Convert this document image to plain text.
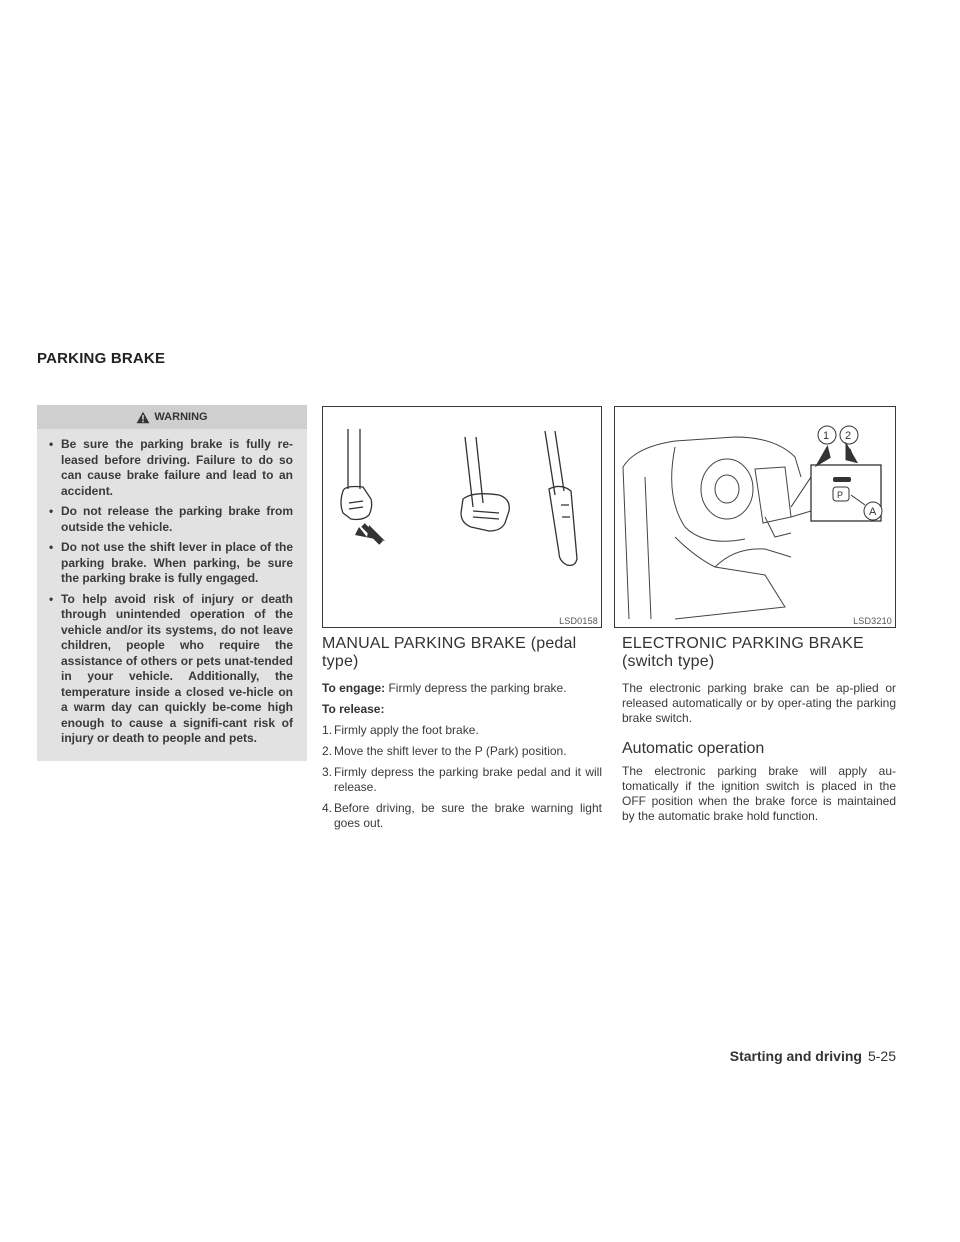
PARKING BRAKE
WARNING
• Be sure the parking brake is fully re-leased before driving. Failure to do so can cause brake failure and lead to an accident.
• Do not release the parking brake from outside the vehicle.
• Do not use the shift lever in place of the parking brake. When parking, be sure the parking brake is fully engaged.
• To help avoid risk of injury or death through unintended operation of the vehicle and/or its systems, do not leave children, people who require the assistance of others or pets unat-tended in your vehicle. Additionally, the temperature inside a closed ve-hicle on a warm day can quickly be-come high enough to cause a signifi-cant risk of injury or death to people and pets.
LSD0158
P
A
1 2
LSD3210
MANUAL PARKING BRAKE (pedal type)

To engage: Firmly depress the parking brake.

To release:

1. Firmly apply the foot brake.
2. Move the shift lever to the P (Park) position.
3. Firmly depress the parking brake pedal and it will release.
4. Before driving, be sure the brake warning light goes out.
ELECTRONIC PARKING BRAKE (switch type)

The electronic parking brake can be ap-plied or released automatically or by oper-ating the parking brake switch.

Automatic operation

The electronic parking brake will apply au-tomatically if the ignition switch is placed in the OFF position when the brake force is maintained by the automatic brake hold function.

Starting and driving 5-25
